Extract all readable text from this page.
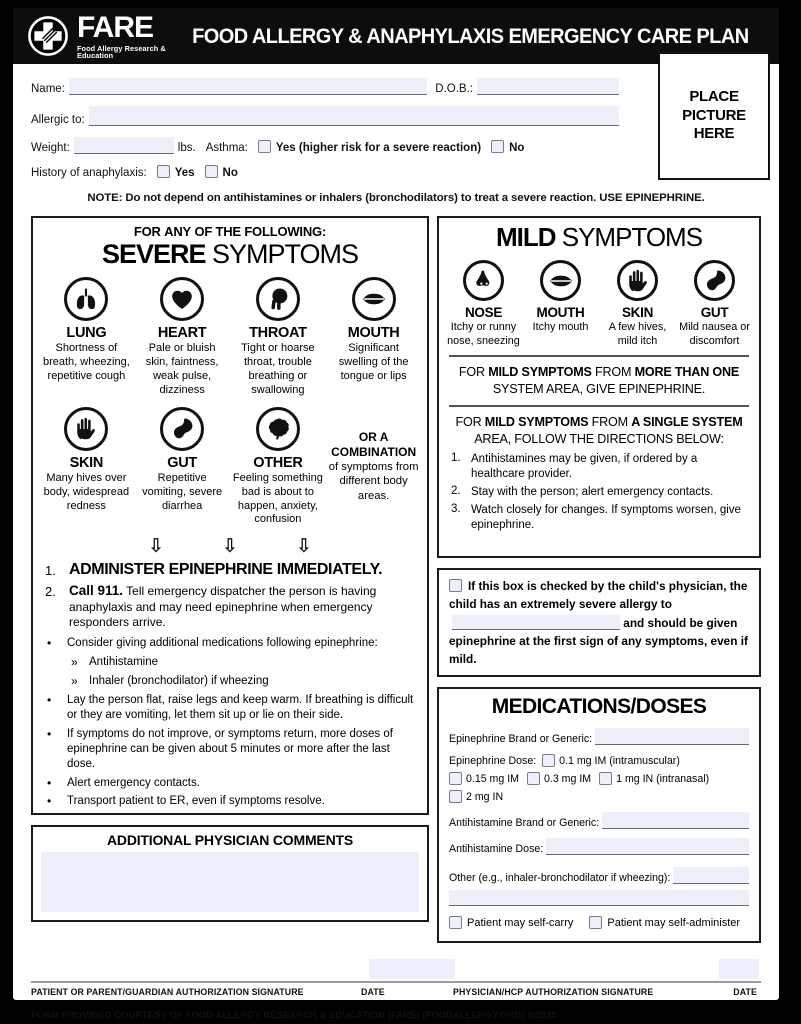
FARE
Food Allergy Research & Education
FOOD ALLERGY & ANAPHYLAXIS EMERGENCY CARE PLAN
PLACE
PICTURE
HERE
Name:	D.O.B.:
Allergic to:
Weight:	lbs. Asthma: Yes (higher risk for a severe reaction) No
History of anaphylaxis: Yes No
NOTE: Do not depend on antihistamines or inhalers (bronchodilators) to treat a severe reaction. USE EPINEPHRINE.
FOR ANY OF THE FOLLOWING:
SEVERE SYMPTOMS
LUNG
Shortness of breath, wheezing, repetitive cough
HEART
Pale or bluish skin, faintness, weak pulse, dizziness
THROAT
Tight or hoarse throat, trouble breathing or swallowing
MOUTH
Significant swelling of the tongue or lips
SKIN
Many hives over body, widespread redness
GUT
Repetitive vomiting, severe diarrhea
OTHER
Feeling something bad is about to happen, anxiety, confusion
OR A COMBINATION
of symptoms from different body areas.
⇩	⇩	⇩
1. ADMINISTER EPINEPHRINE IMMEDIATELY.
2. Call 911. Tell emergency dispatcher the person is having anaphylaxis and may need epinephrine when emergency responders arrive.
•	Consider giving additional medications following epinephrine:
» Antihistamine
» Inhaler (bronchodilator) if wheezing
•	Lay the person flat, raise legs and keep warm. If breathing is difficult or they are vomiting, let them sit up or lie on their side.
•	If symptoms do not improve, or symptoms return, more doses of epinephrine can be given about 5 minutes or more after the last dose.
•	Alert emergency contacts.
•	Transport patient to ER, even if symptoms resolve.
ADDITIONAL PHYSICIAN COMMENTS
MILD SYMPTOMS
NOSE
Itchy or runny nose, sneezing
MOUTH
Itchy mouth
SKIN
A few hives, mild itch
GUT
Mild nausea or discomfort
FOR MILD SYMPTOMS FROM MORE THAN ONE SYSTEM AREA, GIVE EPINEPHRINE.
FOR MILD SYMPTOMS FROM A SINGLE SYSTEM AREA, FOLLOW THE DIRECTIONS BELOW:
1. Antihistamines may be given, if ordered by a healthcare provider.
2. Stay with the person; alert emergency contacts.
3. Watch closely for changes. If symptoms worsen, give epinephrine.
If this box is checked by the child's physician, the child has an extremely severe allergy to and should be given epinephrine at the first sign of any symptoms, even if mild.
MEDICATIONS/DOSES
Epinephrine Brand or Generic:
Epinephrine Dose: 0.1 mg IM (intramuscular)
0.15 mg IM 0.3 mg IM 1 mg IN (intranasal)
2 mg IN
Antihistamine Brand or Generic:
Antihistamine Dose:
Other (e.g., inhaler-bronchodilator if wheezing):
Patient may self-carry	Patient may self-administer
PATIENT OR PARENT/GUARDIAN AUTHORIZATION SIGNATURE	DATE	PHYSICIAN/HCP AUTHORIZATION SIGNATURE	DATE
FORM PROVIDED COURTESY OF FOOD ALLERGY RESEARCH & EDUCATION (FARE) (FOODALLERGY.ORG) 8/2025
